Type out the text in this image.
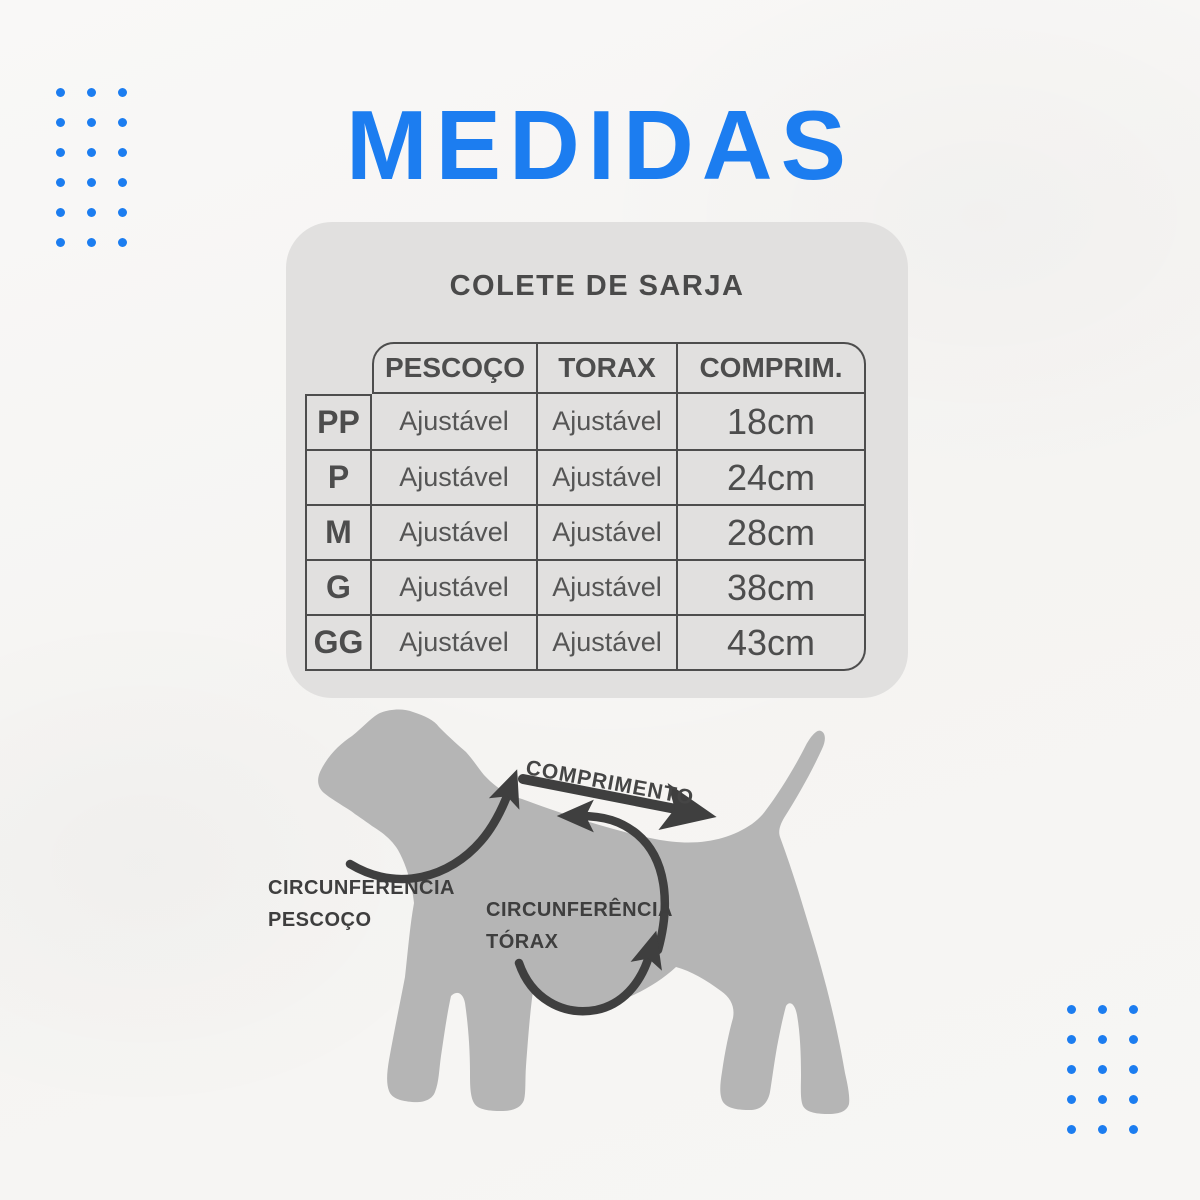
MEDIDAS
COLETE DE SARJA
	PESCOÇO	TORAX	COMPRIM.
PP	Ajustável	Ajustável	18cm
P	Ajustável	Ajustável	24cm
M	Ajustável	Ajustável	28cm
G	Ajustável	Ajustável	38cm
GG	Ajustável	Ajustável	43cm
COMPRIMENTO
CIRCUNFERÊNCIA
PESCOÇO	CIRCUNFERÊNCIA
TÓRAX
